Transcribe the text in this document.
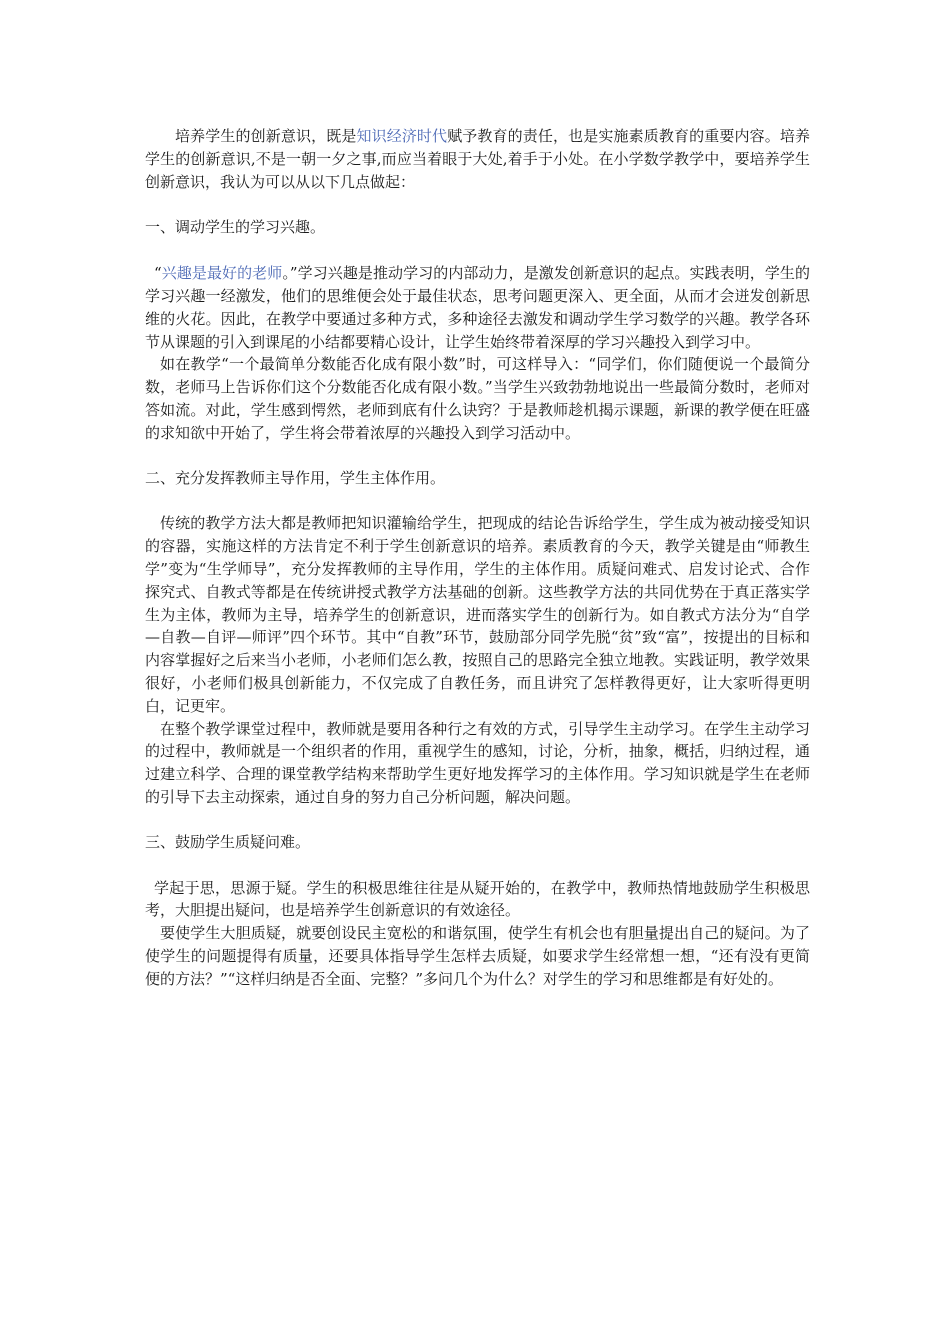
培养学生的创新意识，既是知识经济时代赋予教育的责任，也是实施素质教育的重要内容。培养学生的创新意识,不是一朝一夕之事,而应当着眼于大处,着手于小处。在小学数学教学中，要培养学生创新意识，我认为可以从以下几点做起：

一、调动学生的学习兴趣。

“兴趣是最好的老师。”学习兴趣是推动学习的内部动力，是激发创新意识的起点。实践表明，学生的学习兴趣一经激发，他们的思维便会处于最佳状态，思考问题更深入、更全面，从而才会迸发创新思维的火花。因此，在教学中要通过多种方式，多种途径去激发和调动学生学习数学的兴趣。教学各环节从课题的引入到课尾的小结都要精心设计，让学生始终带着深厚的学习兴趣投入到学习中。

如在教学“一个最简单分数能否化成有限小数”时，可这样导入：“同学们，你们随便说一个最简分数，老师马上告诉你们这个分数能否化成有限小数。”当学生兴致勃勃地说出一些最简分数时，老师对答如流。对此，学生感到愕然，老师到底有什么诀窍？于是教师趁机揭示课题，新课的教学便在旺盛的求知欲中开始了，学生将会带着浓厚的兴趣投入到学习活动中。

二、充分发挥教师主导作用，学生主体作用。

传统的教学方法大都是教师把知识灌输给学生，把现成的结论告诉给学生，学生成为被动接受知识的容器，实施这样的方法肯定不利于学生创新意识的培养。素质教育的今天，教学关键是由“师教生学”变为“生学师导”，充分发挥教师的主导作用，学生的主体作用。质疑问难式、启发讨论式、合作探究式、自教式等都是在传统讲授式教学方法基础的创新。这些教学方法的共同优势在于真正落实学生为主体，教师为主导，培养学生的创新意识，进而落实学生的创新行为。如自教式方法分为“自学—自教—自评—师评”四个环节。其中“自教”环节，鼓励部分同学先脱“贫”致“富”，按提出的目标和内容掌握好之后来当小老师，小老师们怎么教，按照自己的思路完全独立地教。实践证明，教学效果很好，小老师们极具创新能力，不仅完成了自教任务，而且讲究了怎样教得更好，让大家听得更明白，记更牢。

在整个教学课堂过程中，教师就是要用各种行之有效的方式，引导学生主动学习。在学生主动学习的过程中，教师就是一个组织者的作用，重视学生的感知，讨论，分析，抽象，概括，归纳过程，通过建立科学、合理的课堂教学结构来帮助学生更好地发挥学习的主体作用。学习知识就是学生在老师的引导下去主动探索，通过自身的努力自己分析问题，解决问题。

三、鼓励学生质疑问难。

学起于思，思源于疑。学生的积极思维往往是从疑开始的，在教学中，教师热情地鼓励学生积极思考，大胆提出疑问，也是培养学生创新意识的有效途径。

要使学生大胆质疑，就要创设民主宽松的和谐氛围，使学生有机会也有胆量提出自己的疑问。为了使学生的问题提得有质量，还要具体指导学生怎样去质疑，如要求学生经常想一想，“还有没有更简便的方法？”“这样归纳是否全面、完整？”多问几个为什么？对学生的学习和思维都是有好处的。
